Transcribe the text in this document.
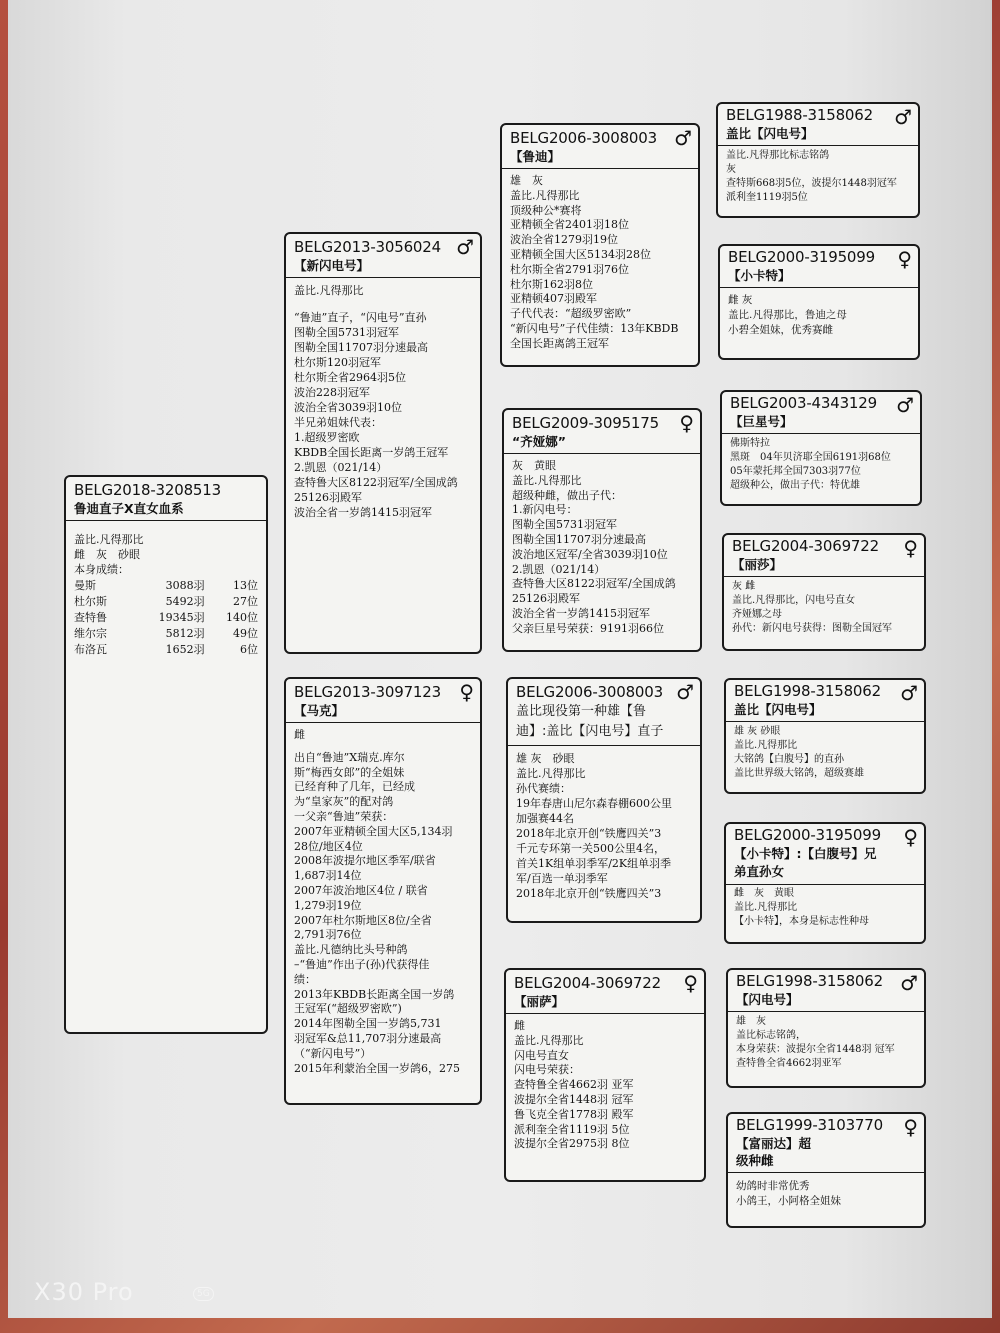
BELG2018-3208513
鲁迪直子X直女血系
盖比.凡得那比
雌　灰　砂眼
本身成绩：
曼斯	3088羽	13位
杜尔斯	5492羽	27位
查特鲁	19345羽	140位
维尔宗	5812羽	49位
布洛瓦	1652羽	6位
BELG2013-3056024
【新闪电号】
♂
盖比.凡得那比
“鲁迪”直子，“闪电号”直孙
图勒全国5731羽冠军
图勒全国11707羽分速最高
杜尔斯120羽冠军
杜尔斯全省2964羽5位
波治228羽冠军
波治全省3039羽10位
半兄弟姐妹代表：
1.超级罗密欧
KBDB全国长距离一岁鸽王冠军
2.凯恩（021/14）
查特鲁大区8122羽冠军/全国成鸽
25126羽殿军
波治全省一岁鸽1415羽冠军
BELG2013-3097123
【马克】
♀
雌
出自“鲁迪”X瑞克.库尔
斯“梅西女郎”的全姐妹
已经育种了几年，已经成
为“皇家灰”的配对鸽
一父亲“鲁迪”荣获：
2007年亚精顿全国大区5,134羽
28位/地区4位
2008年波提尔地区季军/联省
1,687羽14位
2007年波治地区4位 / 联省
1,279羽19位
2007年杜尔斯地区8位/全省
2,791羽76位
盖比.凡德纳比头号种鸽
–“鲁迪”作出子(孙)代获得佳
绩：
2013年KBDB长距离全国一岁鸽
王冠军(“超级罗密欧”)
2014年图勒全国一岁鸽5,731
羽冠军&总11,707羽分速最高
（“新闪电号”）
2015年利蒙治全国一岁鸽6，275
BELG2006-3008003
【鲁迪】
♂
雄　灰
盖比.凡得那比
顶级种公*赛将
亚精顿全省2401羽18位
波治全省1279羽19位
亚精顿全国大区5134羽28位
杜尔斯全省2791羽76位
杜尔斯162羽8位
亚精顿407羽殿军
子代代表：“超级罗密欧”
“新闪电号”子代佳绩：13年KBDB
全国长距离鸽王冠军
BELG2009-3095175
“齐娅娜”
♀
灰　黄眼
盖比.凡得那比
超级种雌，做出子代：
1.新闪电号：
图勒全国5731羽冠军
图勒全国11707羽分速最高
波治地区冠军/全省3039羽10位
2.凯恩（021/14）
查特鲁大区8122羽冠军/全国成鸽
25126羽殿军
波治全省一岁鸽1415羽冠军
父亲巨星号荣获：9191羽66位
BELG2006-3008003
盖比现役第一种雄【鲁迪】:盖比【闪电号】直子
♂
雄 灰　砂眼
盖比.凡得那比
孙代赛绩：
19年春唐山尼尔森春棚600公里
加强赛44名
2018年北京开创“铁鹰四关”3
千元专环第一关500公里4名，
首关1K组单羽季军/2K组单羽季
军/百选一单羽季军
2018年北京开创“铁鹰四关”3
BELG2004-3069722
【丽萨】
♀
雌
盖比.凡得那比
闪电号直女
闪电号荣获：
查特鲁全省4662羽 亚军
波提尔全省1448羽 冠军
鲁飞克全省1778羽 殿军
派利奎全省1119羽 5位
波提尔全省2975羽 8位
BELG1988-3158062
盖比【闪电号】
♂
盖比.凡得那比标志铭鸽
灰
查特斯668羽5位，波提尔1448羽冠军
派利奎1119羽5位
BELG2000-3195099
【小卡特】
♀
雌 灰
盖比.凡得那比，鲁迪之母
小碧全姐妹，优秀赛雌
BELG2003-4343129
【巨星号】
♂
佛斯特拉
黑斑　04年贝济耶全国6191羽68位
05年蒙托邦全国7303羽77位
超级种公，做出子代：特优雄
BELG2004-3069722
【丽莎】
♀
灰 雌
盖比.凡得那比，闪电号直女
齐娅娜之母
孙代：新闪电号获得：图勒全国冠军
BELG1998-3158062
盖比【闪电号】
♂
雄 灰 砂眼
盖比.凡得那比
大铭鸽【白腹号】的直孙
盖比世界级大铭鸽，超级赛雄
BELG2000-3195099
【小卡特】:【白腹号】兄弟直孙女
♀
雌　灰　黄眼
盖比.凡得那比
【小卡特】，本身是标志性种母
BELG1998-3158062
【闪电号】
♂
雄　灰
盖比标志铭鸽，
本身荣获：波提尔全省1448羽 冠军
查特鲁全省4662羽亚军
BELG1999-3103770
【富丽达】超级种雌
♀
幼鸽时非常优秀
小鸽王，小阿格全姐妹
X30 Pro	5G
